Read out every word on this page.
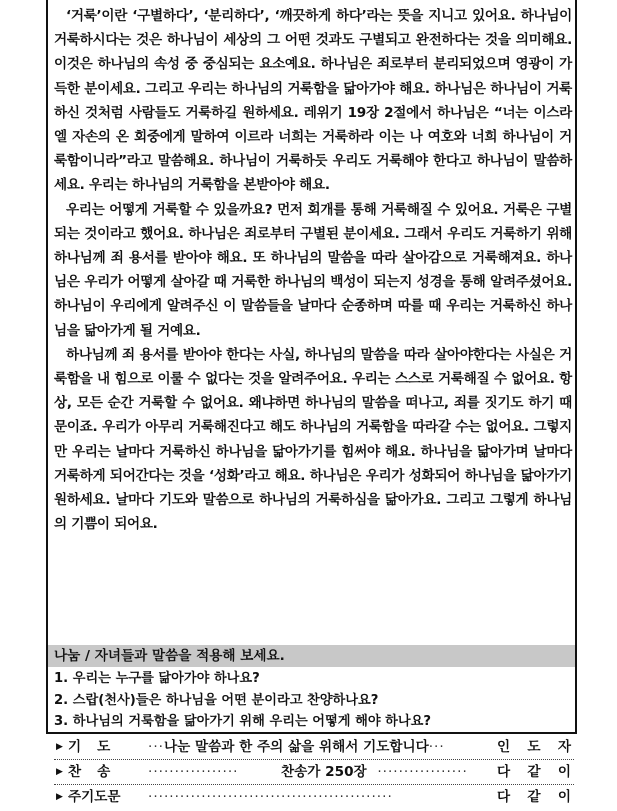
‘거룩’이란 ‘구별하다’, ‘분리하다’, ‘깨끗하게 하다’라는 뜻을 지니고 있어요. 하나님이 거룩하시다는 것은 하나님이 세상의 그 어떤 것과도 구별되고 완전하다는 것을 의미해요. 이것은 하나님의 속성 중 중심되는 요소예요. 하나님은 죄로부터 분리되었으며 영광이 가득한 분이세요. 그리고 우리는 하나님의 거룩함을 닮아가야 해요. 하나님은 하나님이 거룩하신 것처럼 사람들도 거룩하길 원하세요. 레위기 19장 2절에서 하나님은 “너는 이스라엘 자손의 온 회중에게 말하여 이르라 너희는 거룩하라 이는 나 여호와 너희 하나님이 거룩함이니라”라고 말씀해요. 하나님이 거룩하듯 우리도 거룩해야 한다고 하나님이 말씀하세요. 우리는 하나님의 거룩함을 본받아야 해요.

우리는 어떻게 거룩할 수 있을까요? 먼저 회개를 통해 거룩해질 수 있어요. 거룩은 구별되는 것이라고 했어요. 하나님은 죄로부터 구별된 분이세요. 그래서 우리도 거룩하기 위해 하나님께 죄 용서를 받아야 해요. 또 하나님의 말씀을 따라 살아감으로 거룩해져요. 하나님은 우리가 어떻게 살아갈 때 거룩한 하나님의 백성이 되는지 성경을 통해 알려주셨어요. 하나님이 우리에게 알려주신 이 말씀들을 날마다 순종하며 따를 때 우리는 거룩하신 하나님을 닮아가게 될 거예요.

하나님께 죄 용서를 받아야 한다는 사실, 하나님의 말씀을 따라 살아야한다는 사실은 거룩함을 내 힘으로 이룰 수 없다는 것을 알려주어요. 우리는 스스로 거룩해질 수 없어요. 항상, 모든 순간 거룩할 수 없어요. 왜냐하면 하나님의 말씀을 떠나고, 죄를 짓기도 하기 때문이죠. 우리가 아무리 거룩해진다고 해도 하나님의 거룩함을 따라갈 수는 없어요. 그렇지만 우리는 날마다 거룩하신 하나님을 닮아가기를 힘써야 해요. 하나님을 닮아가며 날마다 거룩하게 되어간다는 것을 ‘성화’라고 해요. 하나님은 우리가 성화되어 하나님을 닮아가기 원하세요. 날마다 기도와 말씀으로 하나님의 거룩하심을 닮아가요. 그리고 그렇게 하나님의 기쁨이 되어요.

나눔 / 자녀들과 말씀을 적용해 보세요.
1. 우리는 누구를 닮아가야 하나요?
2. 스랍(천사)들은 하나님을 어떤 분이라고 찬양하나요?
3. 하나님의 거룩함을 닮아가기 위해 우리는 어떻게 해야 하나요?
▶ 기도 ···나눈 말씀과 한 주의 삶을 위해서 기도합니다···	인 도 자
▶ 찬송 ·················        찬송가 250장  ·················	다 같 이
▶ 주기도문 ··············································	다 같 이
